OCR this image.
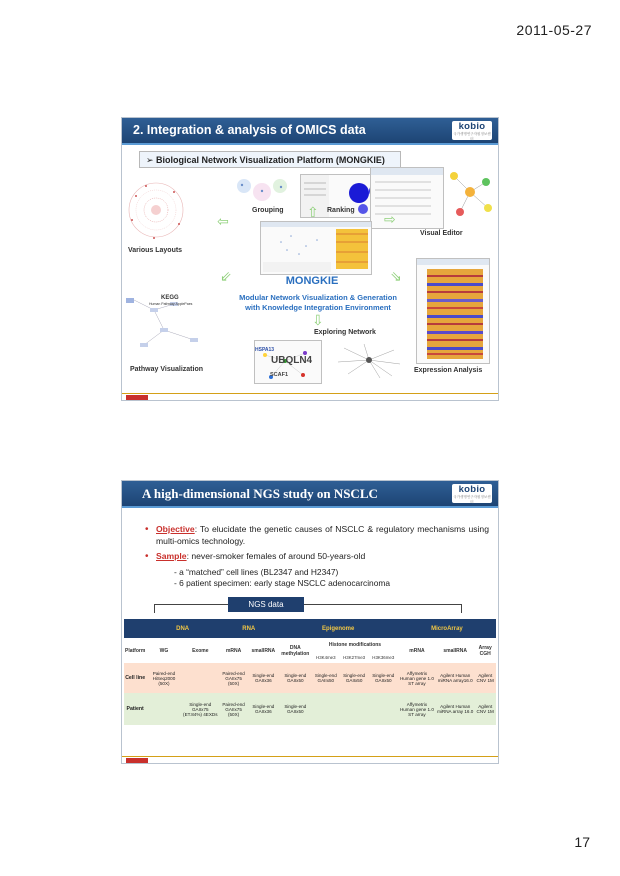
2011-05-27
2. Integration & analysis of OMICS data	kobio
국가생명연구자원정보센터
➢ Biological Network Visualization Platform (MONGKIE)
Various Layouts
Grouping	Ranking
Visual Editor
MONGKIE
Modular Network Visualization & Generation
with Knowledge Integration Environment
Expression Analysis
KEGG
Human Pathway ApplePaes
Pathway Visualization
HSPA13
UBQLN4
SCAF1
Exploring Network
⇦
⇧	⇨
⇙	⇘
⇩
A high-dimensional NGS study on NSCLC	kobio
국가생명연구자원정보센터
• Objective: To elucidate the genetic causes of NSCLC & regulatory mechanisms using multi-omics technology.
• Sample: never-smoker females of around 50-years-old
- a “matched” cell lines (BL2347 and H2347)
- 6 patient specimen: early stage NSCLC adenocarcinoma
NGS data
	DNA		RNA		Epigenome				MicroArray		
Platform	WG	Exome	mRNA	smallRNA	DNA methylation	Histone modifications			mRNA	smallRNA	Array CGH
						H3K4me3	H3K27me3	H3K36me3			
Cell line	Paired-end HiSeq2000 (50X)		Paired-end GAIIx75 (50X)	Single-end GAIIx36	Single-end GAIIx50	Single-end GAIIx50	Single-end GAIIx50	Single-end GAIIx50	Affymetrix Human gene 1.0 ST array	Agilent Human miRNA array16.0	Agilent CNV 1M
Patient		Single-end GAIIx75 (ET.84%) 4EXDs	Paired-end GAIIx75 (50X)	Single-end GAIIx36	Single-end GAIIx50				Affymetrix Human gene 1.0 ST array	Agilent Human miRNA array 16.0	Agilent CNV 1M
17
